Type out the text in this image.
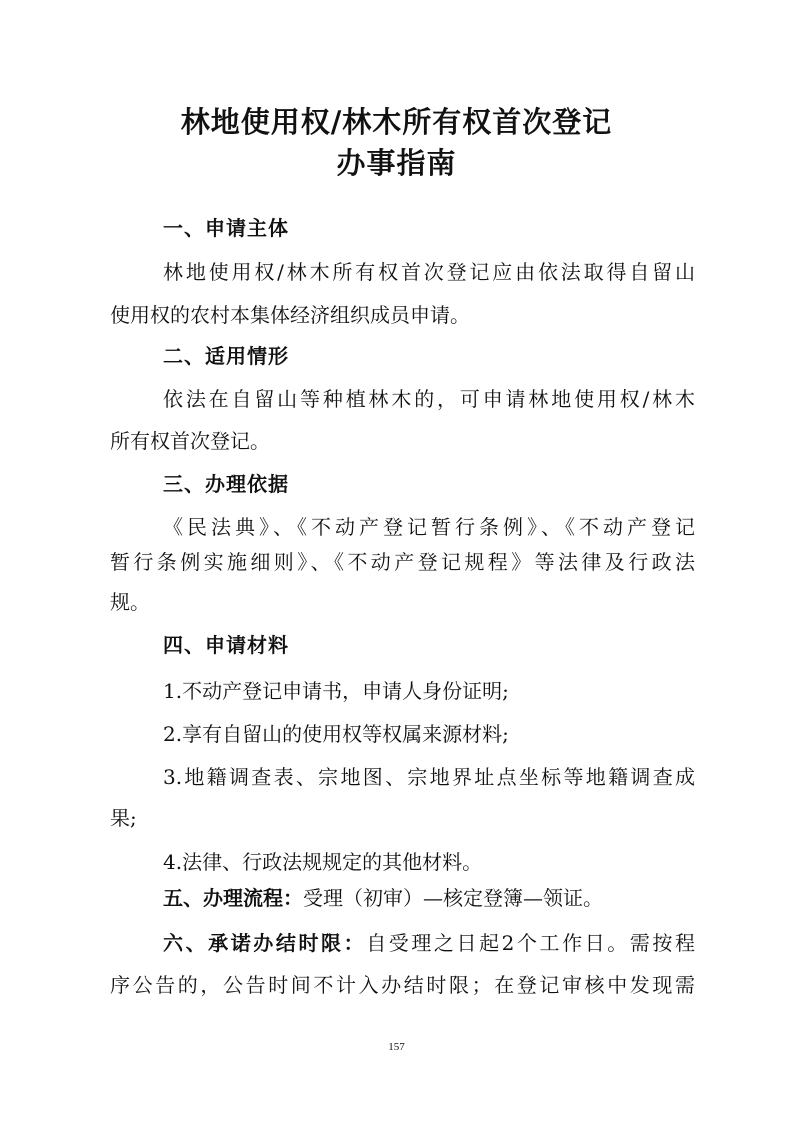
林地使用权/林木所有权首次登记
办事指南
一、申请主体
林地使用权/林木所有权首次登记应由依法取得自留山
使用权的农村本集体经济组织成员申请。
二、适用情形
依法在自留山等种植林木的，可申请林地使用权/林木
所有权首次登记。
三、办理依据
《民法典》、《不动产登记暂行条例》、《不动产登记
暂行条例实施细则》、《不动产登记规程》等法律及行政法
规。
四、申请材料
1.不动产登记申请书，申请人身份证明;
2.享有自留山的使用权等权属来源材料;
3.地籍调查表、宗地图、宗地界址点坐标等地籍调查成
果;
4.法律、行政法规规定的其他材料。
五、办理流程：受理（初审）—核定登簿—领证。
六、承诺办结时限：自受理之日起2个工作日。需按程
序公告的，公告时间不计入办结时限；在登记审核中发现需
157
